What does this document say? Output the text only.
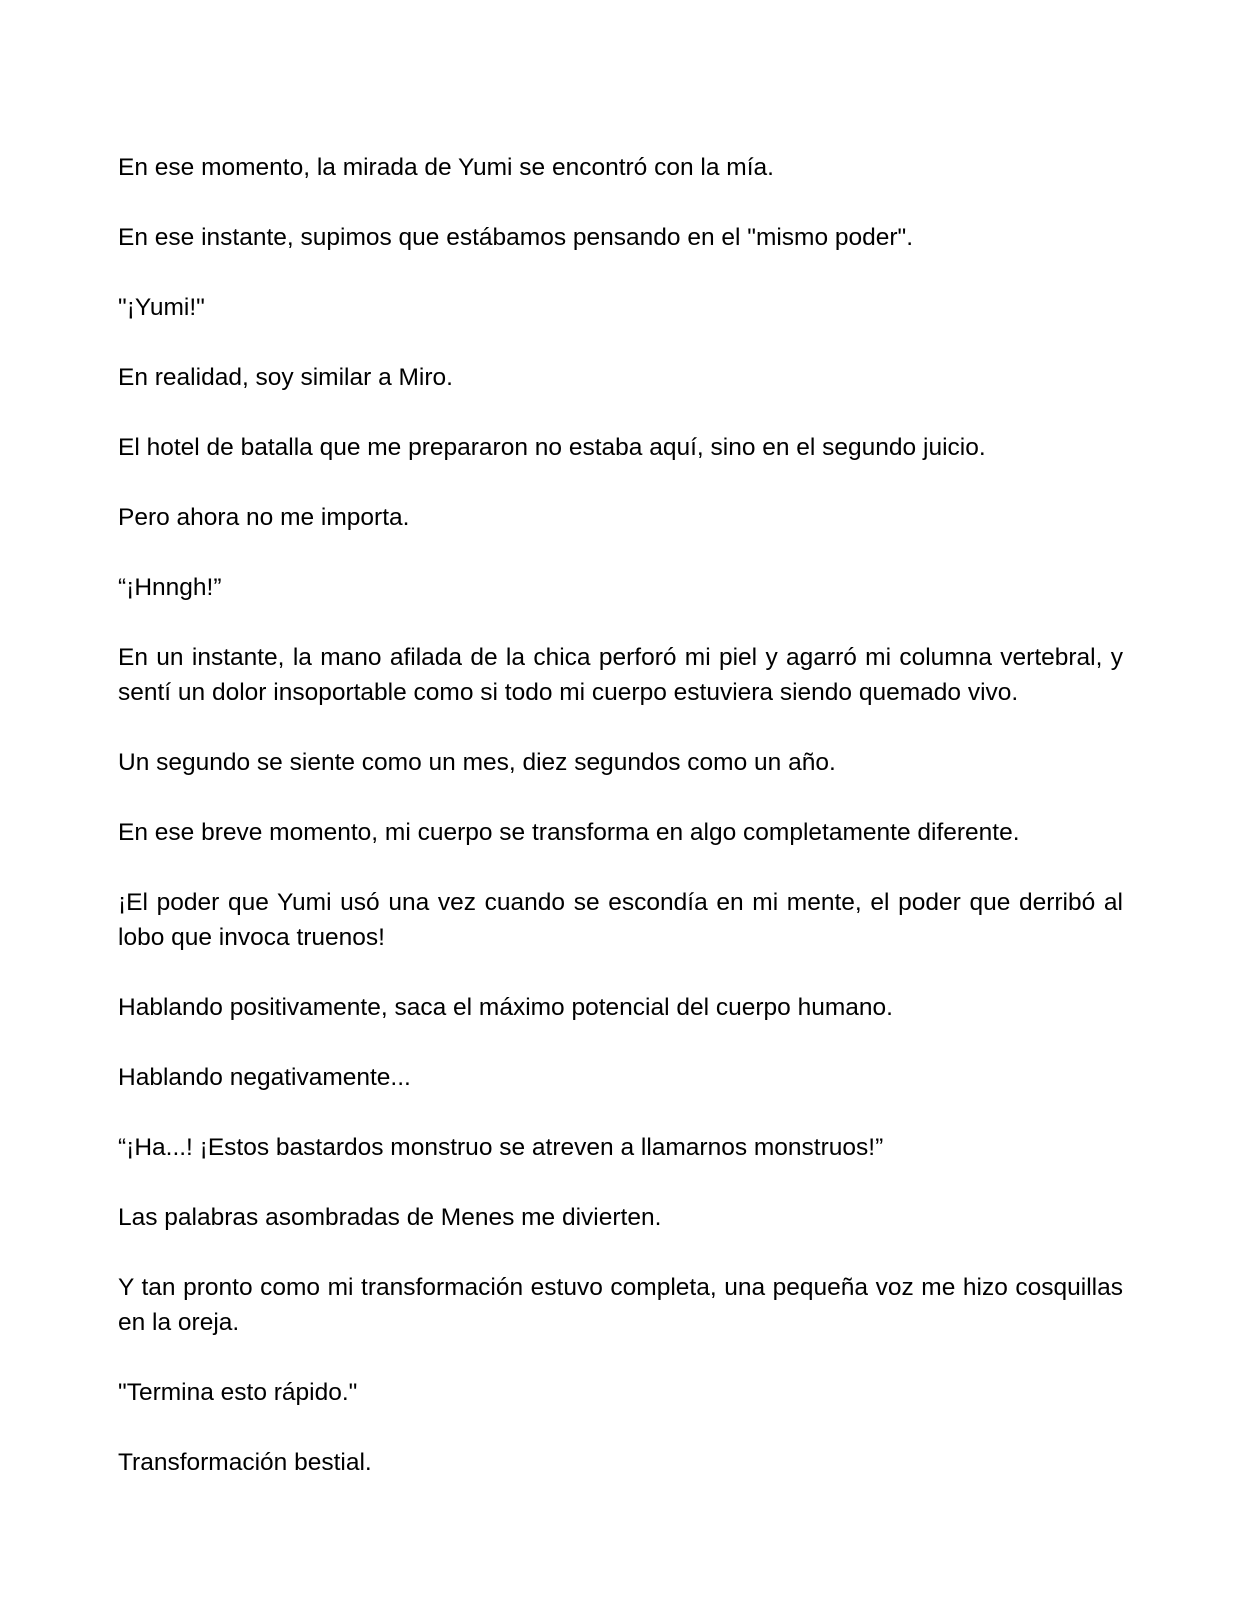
En ese momento, la mirada de Yumi se encontró con la mía.

En ese instante, supimos que estábamos pensando en el "mismo poder".

"¡Yumi!"

En realidad, soy similar a Miro.

El hotel de batalla que me prepararon no estaba aquí, sino en el segundo juicio.

Pero ahora no me importa.

“¡Hnngh!”

En un instante, la mano afilada de la chica perforó mi piel y agarró mi columna vertebral, y sentí un dolor insoportable como si todo mi cuerpo estuviera siendo quemado vivo.

Un segundo se siente como un mes, diez segundos como un año.

En ese breve momento, mi cuerpo se transforma en algo completamente diferente.

¡El poder que Yumi usó una vez cuando se escondía en mi mente, el poder que derribó al lobo que invoca truenos!

Hablando positivamente, saca el máximo potencial del cuerpo humano.

Hablando negativamente...

“¡Ha...! ¡Estos bastardos monstruo se atreven a llamarnos monstruos!”

Las palabras asombradas de Menes me divierten.

Y tan pronto como mi transformación estuvo completa, una pequeña voz me hizo cosquillas en la oreja.

"Termina esto rápido."

Transformación bestial.
